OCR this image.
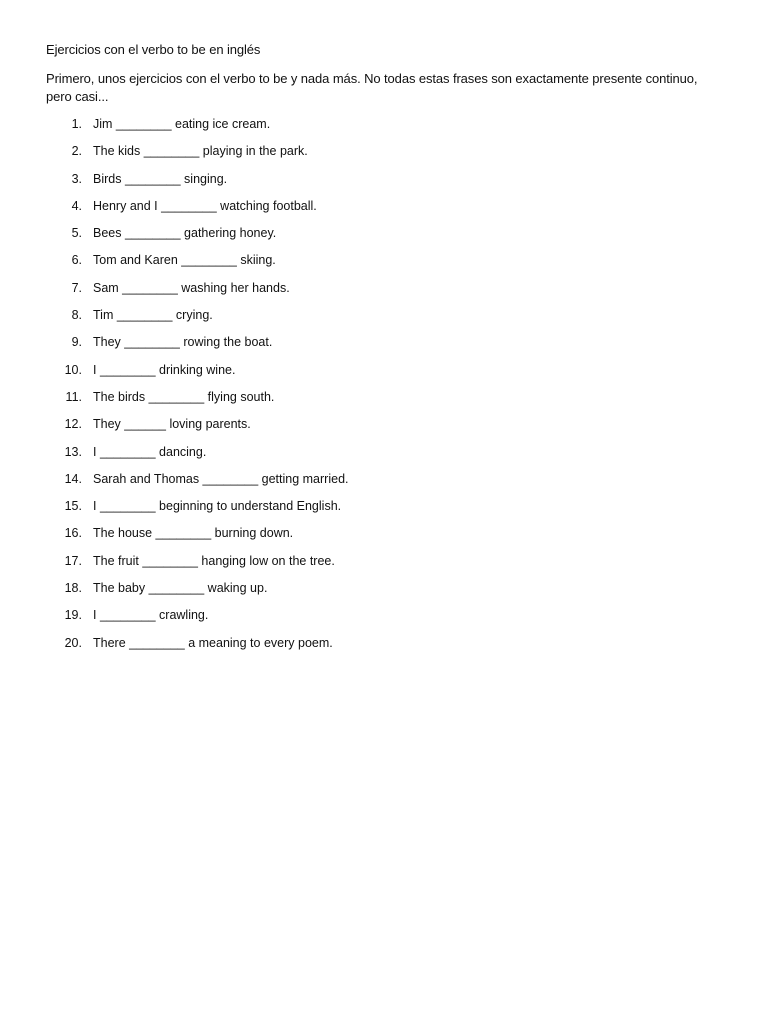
Ejercicios con el verbo to be en inglés
Primero, unos ejercicios con el verbo to be y nada más. No todas estas frases son exactamente presente continuo, pero casi...
1. Jim ________ eating ice cream.
2. The kids ________ playing in the park.
3. Birds ________ singing.
4. Henry and I ________ watching football.
5. Bees ________ gathering honey.
6. Tom and Karen ________ skiing.
7. Sam ________ washing her hands.
8. Tim ________ crying.
9. They ________ rowing the boat.
10. I ________ drinking wine.
11. The birds ________ flying south.
12. They ______ loving parents.
13. I ________ dancing.
14. Sarah and Thomas ________ getting married.
15. I ________ beginning to understand English.
16. The house ________ burning down.
17. The fruit ________ hanging low on the tree.
18. The baby ________ waking up.
19. I ________ crawling.
20. There ________ a meaning to every poem.
